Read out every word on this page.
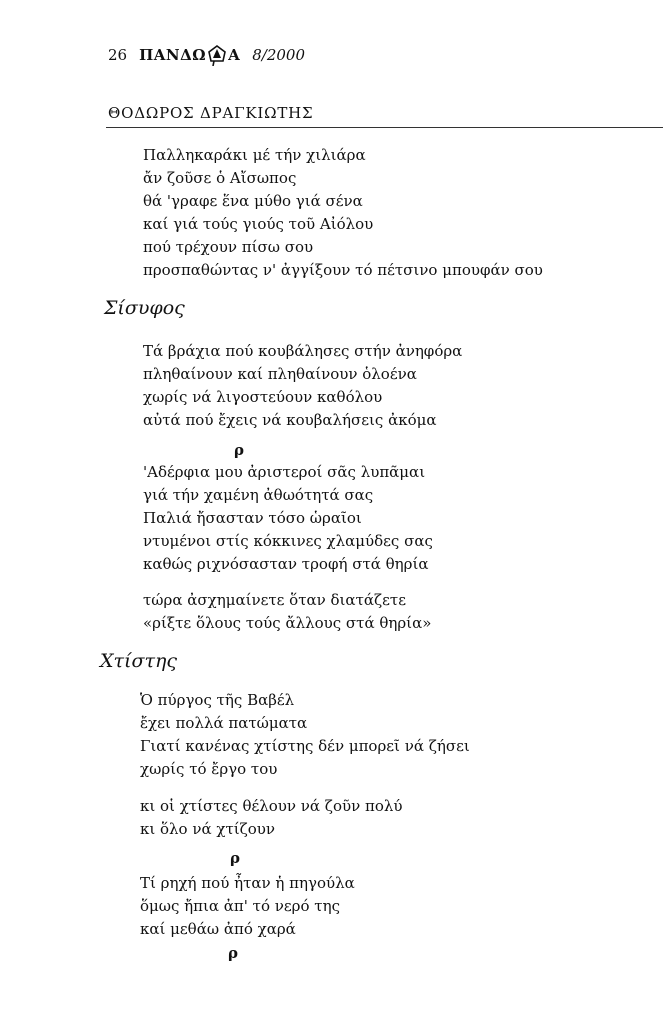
26 ΠΑΝΔΩ Α 8/2000
ΘΟΔΩΡΟΣ ΔΡΑΓΚΙΩΤΗΣ
Παλληκαράκι μέ τήν χιλιάρα
ἄν ζοῦσε ὁ Αἴσωπος
θά 'γραφε ἕνα μύθο γιά σένα
καί γιά τούς γιούς τοῦ Αἰόλου
πού τρέχουν πίσω σου
προσπαθώντας ν' ἀγγίξουν τό πέτσινο μπουφάν σου
Σίσυφος
Τά βράχια πού κουβάλησες στήν ἀνηφόρα
πληθαίνουν καί πληθαίνουν ὁλοένα
χωρίς νά λιγοστεύουν καθόλου
αὐτά πού ἔχεις νά κουβαλήσεις ἀκόμα
ρ
'Αδέρφια μου ἀριστεροί σᾶς λυπᾶμαι
γιά τήν χαμένη ἀθωότητά σας
Παλιά ἤσασταν τόσο ὡραῖοι
ντυμένοι στίς κόκκινες χλαμύδες σας
καθώς ριχνόσασταν τροφή στά θηρία
τώρα ἀσχημαίνετε ὅταν διατάζετε
«ρίξτε ὅλους τούς ἄλλους στά θηρία»
Χτίστης
Ὁ πύργος τῆς Βαβέλ
ἔχει πολλά πατώματα
Γιατί κανένας χτίστης δέν μπορεῖ νά ζήσει
χωρίς τό ἔργο του
κι οἱ χτίστες θέλουν νά ζοῦν πολύ
κι ὅλο νά χτίζουν
ρ
Τί ρηχή πού ἦταν ἡ πηγούλα
ὅμως ἤπια ἀπ' τό νερό της
καί μεθάω ἀπό χαρά
ρ
